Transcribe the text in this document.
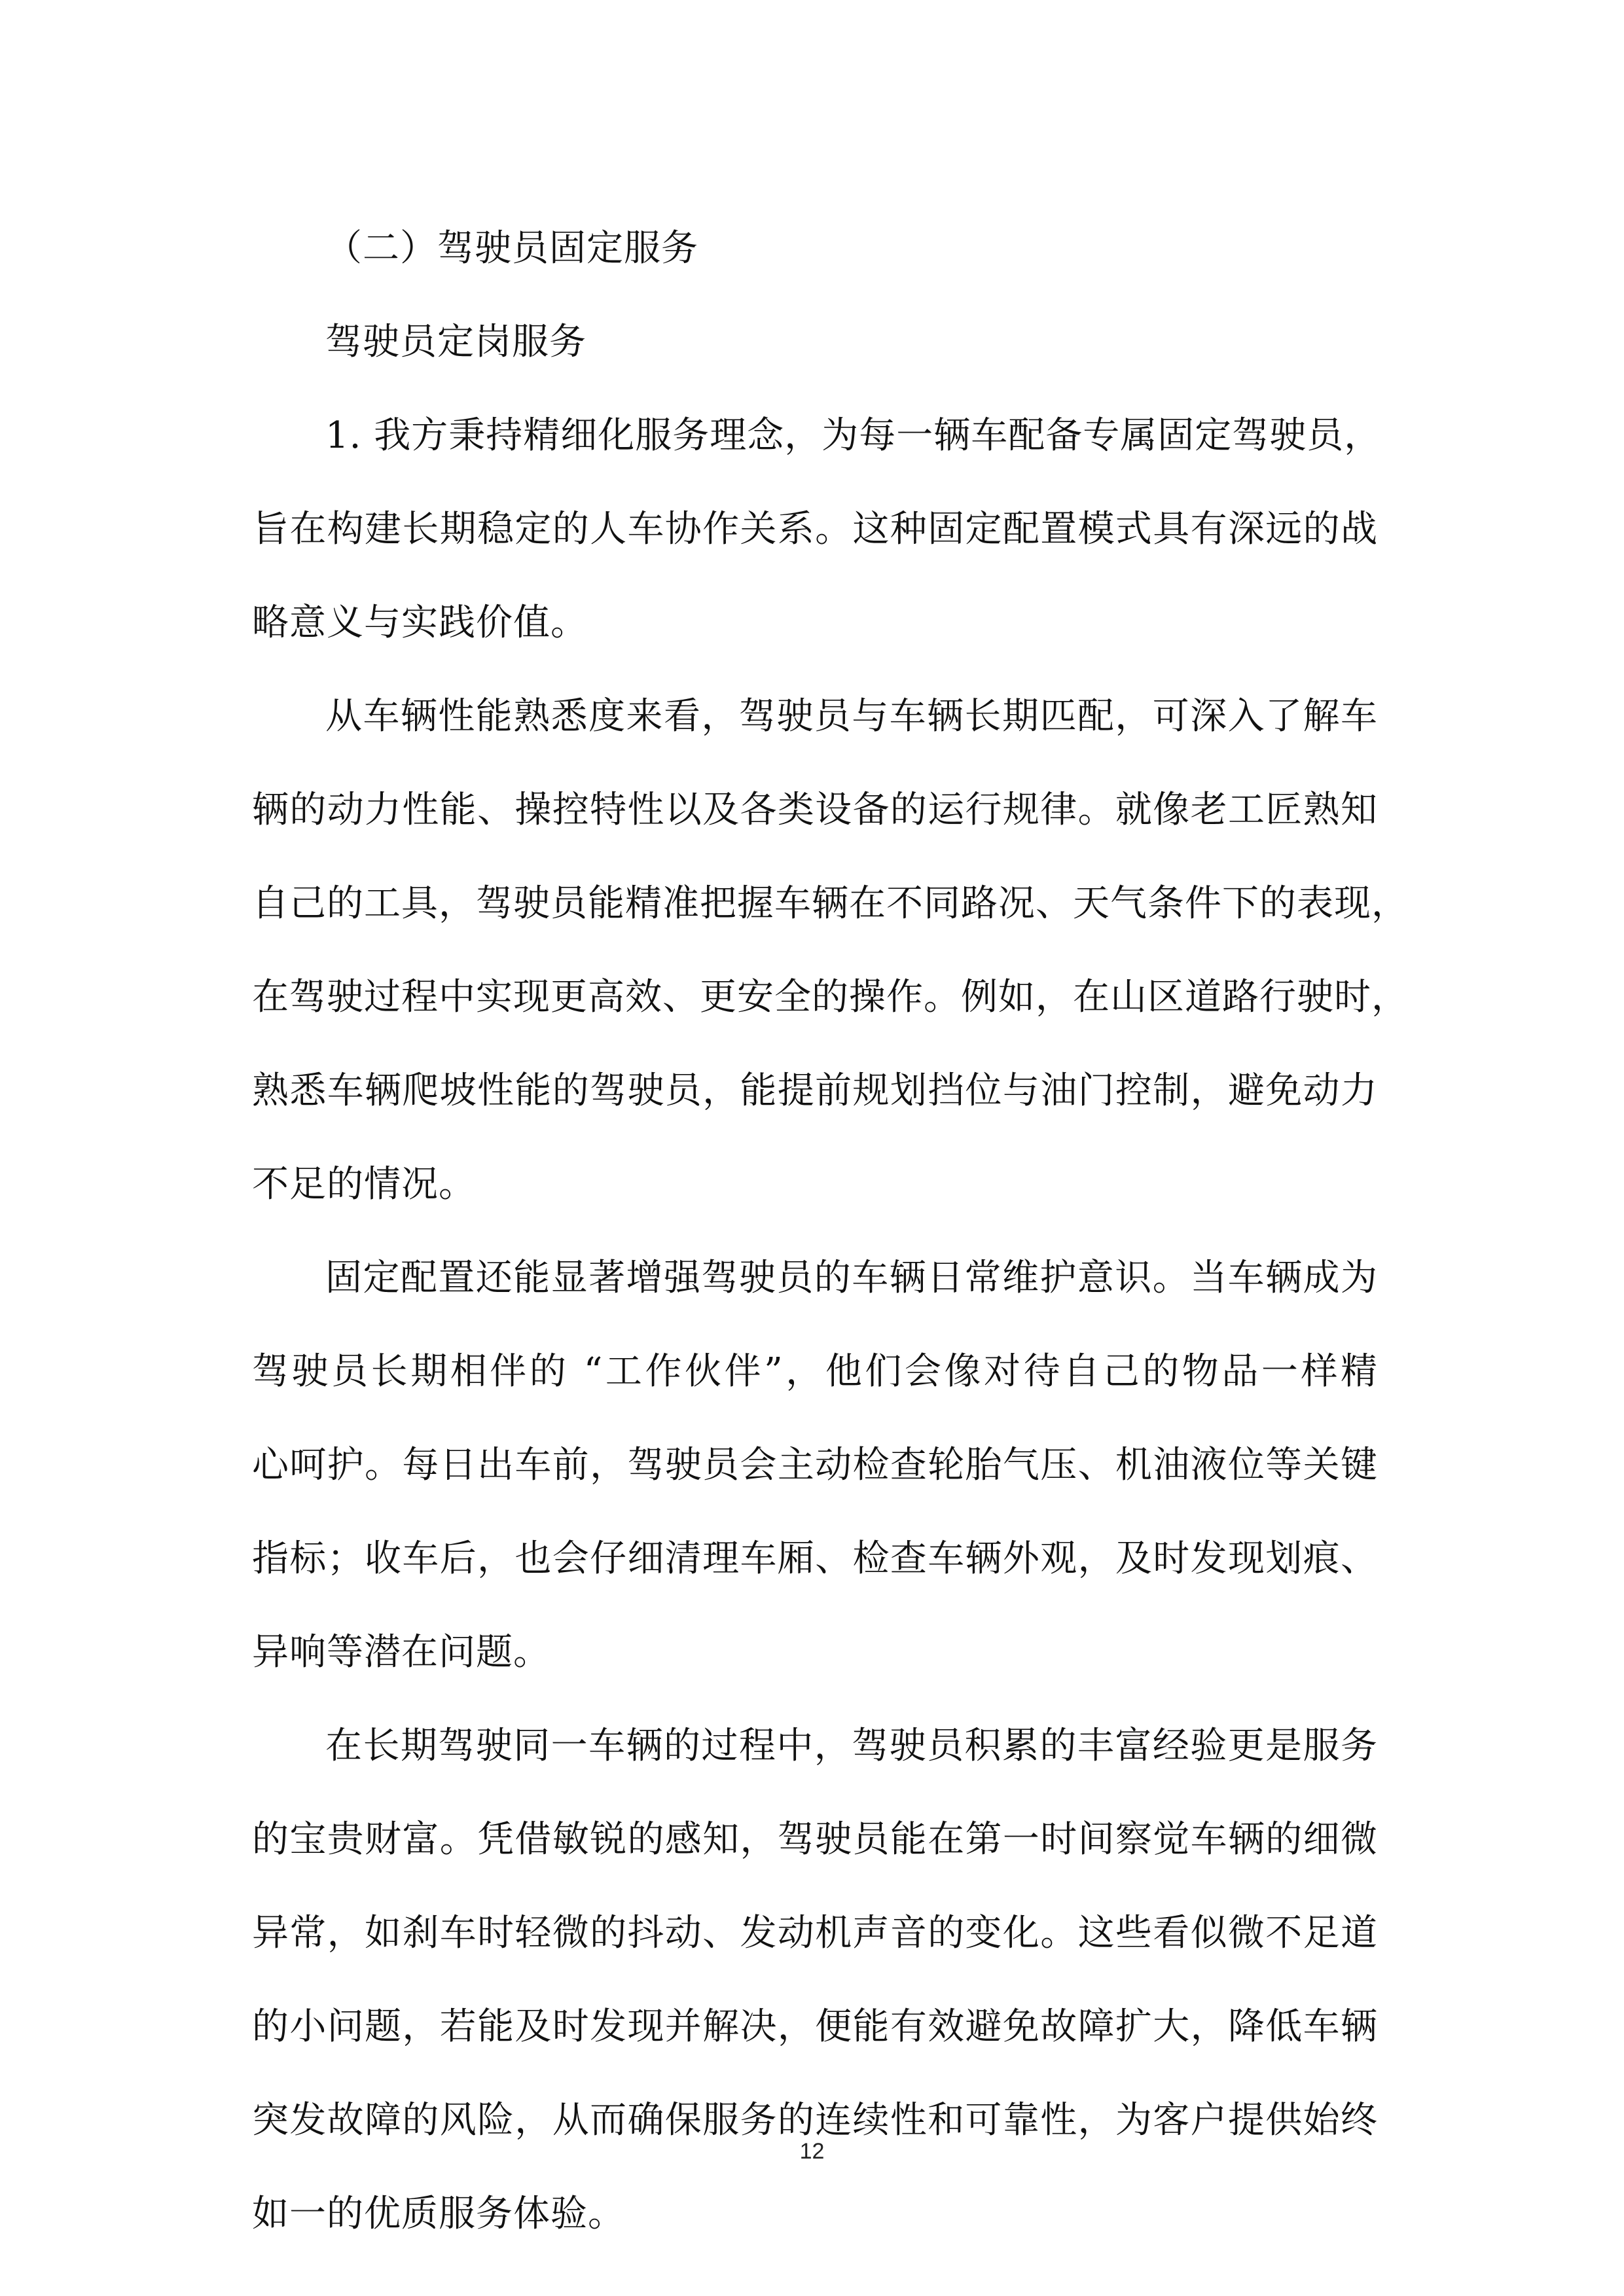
（二）驾驶员固定服务
驾驶员定岗服务
1. 我方秉持精细化服务理念，为每一辆车配备专属固定驾驶员，
旨在构建长期稳定的人车协作关系。这种固定配置模式具有深远的战
略意义与实践价值。
从车辆性能熟悉度来看，驾驶员与车辆长期匹配，可深入了解车
辆的动力性能、操控特性以及各类设备的运行规律。就像老工匠熟知
自己的工具，驾驶员能精准把握车辆在不同路况、天气条件下的表现，
在驾驶过程中实现更高效、更安全的操作。例如，在山区道路行驶时，
熟悉车辆爬坡性能的驾驶员，能提前规划挡位与油门控制，避免动力
不足的情况。
固定配置还能显著增强驾驶员的车辆日常维护意识。当车辆成为
驾驶员长期相伴的 “工作伙伴”，他们会像对待自己的物品一样精
心呵护。每日出车前，驾驶员会主动检查轮胎气压、机油液位等关键
指标；收车后，也会仔细清理车厢、检查车辆外观，及时发现划痕、
异响等潜在问题。
在长期驾驶同一车辆的过程中，驾驶员积累的丰富经验更是服务
的宝贵财富。凭借敏锐的感知，驾驶员能在第一时间察觉车辆的细微
异常，如刹车时轻微的抖动、发动机声音的变化。这些看似微不足道
的小问题，若能及时发现并解决，便能有效避免故障扩大，降低车辆
突发故障的风险，从而确保服务的连续性和可靠性，为客户提供始终
如一的优质服务体验。
12
